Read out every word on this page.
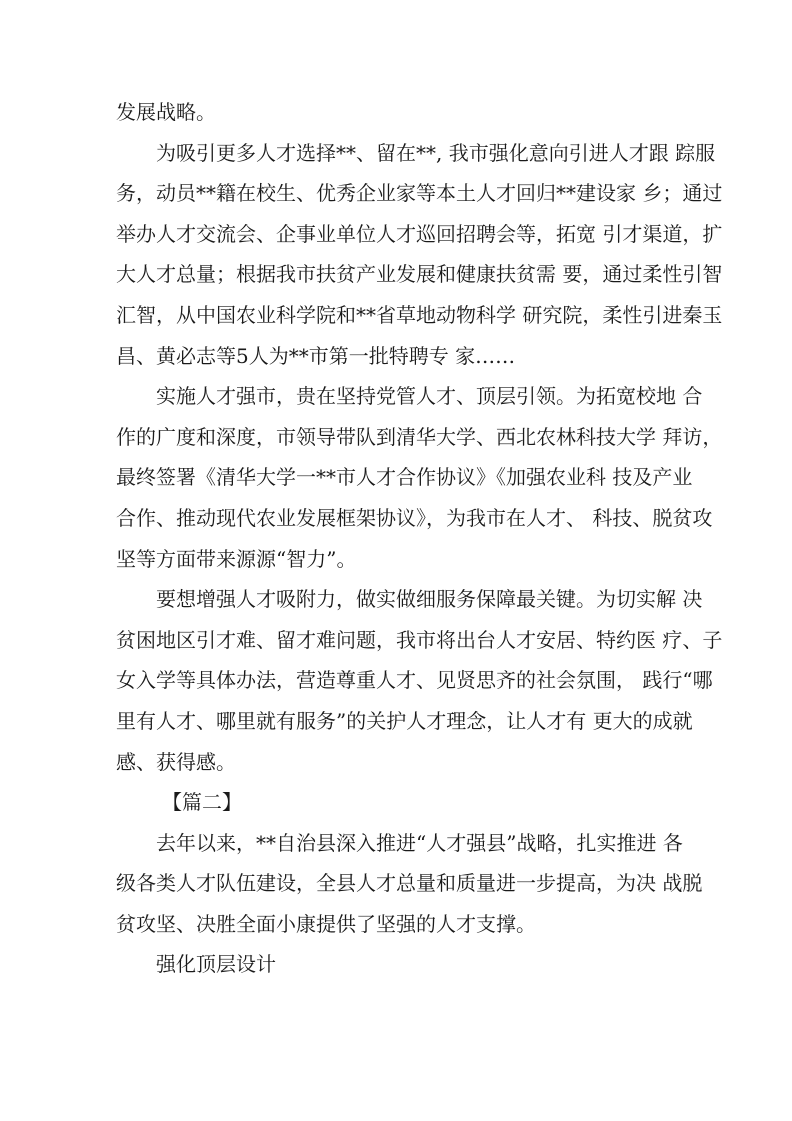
发展战略。
为吸引更多人才选择**、留在**, 我市强化意向引进人才跟 踪服
务，动员**籍在校生、优秀企业家等本土人才回归**建设家 乡；通过
举办人才交流会、企事业单位人才巡回招聘会等，拓宽 引才渠道，扩
大人才总量；根据我市扶贫产业发展和健康扶贫需 要，通过柔性引智
汇智，从中国农业科学院和**省草地动物科学 研究院，柔性引进秦玉
昌、黄必志等5人为**市第一批特聘专 家……
实施人才强市，贵在坚持党管人才、顶层引领。为拓宽校地 合
作的广度和深度，市领导带队到清华大学、西北农林科技大学 拜访，
最终签署《清华大学一**市人才合作协议》《加强农业科 技及产业
合作、推动现代农业发展框架协议》，为我市在人才、 科技、脱贫攻
坚等方面带来源源“智力”。
要想增强人才吸附力，做实做细服务保障最关键。为切实解 决
贫困地区引才难、留才难问题，我市将出台人才安居、特约医 疗、子
女入学等具体办法，营造尊重人才、见贤思齐的社会氛围， 践行“哪
里有人才、哪里就有服务”的关护人才理念，让人才有 更大的成就
感、获得感。
【篇二】
去年以来，**自治县深入推进“人才强县”战略，扎实推进 各
级各类人才队伍建设，全县人才总量和质量进一步提高，为决 战脱
贫攻坚、决胜全面小康提供了坚强的人才支撑。
强化顶层设计
